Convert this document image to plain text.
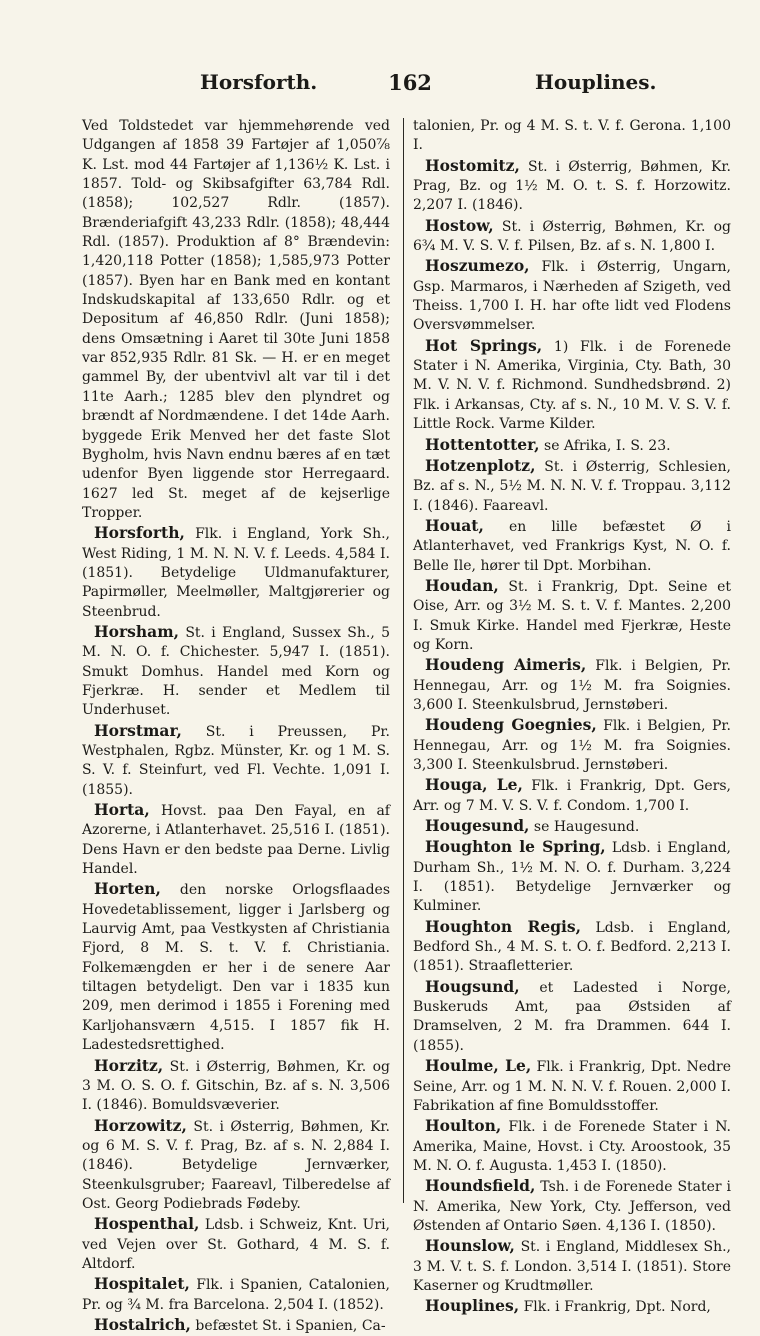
Horsforth.	162	Houplines.

Ved Toldstedet var hjemmehørende ved Udgangen af 1858 39 Fartøjer af 1,050⅞ K. Lst. mod 44 Fartøjer af 1,136½ K. Lst. i 1857. Told- og Skibsafgifter 63,784 Rdl. (1858); 102,527 Rdlr. (1857). Brænderiafgift 43,233 Rdlr. (1858); 48,444 Rdl. (1857). Produktion af 8° Brændevin: 1,420,118 Potter (1858); 1,585,973 Potter (1857). Byen har en Bank med en kontant Indskudskapital af 133,650 Rdlr. og et Depositum af 46,850 Rdlr. (Juni 1858); dens Omsætning i Aaret til 30te Juni 1858 var 852,935 Rdlr. 81 Sk. — H. er en meget gammel By, der ubentvivl alt var til i det 11te Aarh.; 1285 blev den plyndret og brændt af Nordmændene. I det 14de Aarh. byggede Erik Menved her det faste Slot Bygholm, hvis Navn endnu bæres af en tæt udenfor Byen liggende stor Herregaard. 1627 led St. meget af de kejserlige Tropper.

Horsforth, Flk. i England, York Sh., West Riding, 1 M. N. N. V. f. Leeds. 4,584 I. (1851). Betydelige Uldmanufakturer, Papirmøller, Meelmøller, Maltgjørerier og Steenbrud.

Horsham, St. i England, Sussex Sh., 5 M. N. O. f. Chichester. 5,947 I. (1851). Smukt Domhus. Handel med Korn og Fjerkræ. H. sender et Medlem til Underhuset.

Horstmar, St. i Preussen, Pr. Westphalen, Rgbz. Münster, Kr. og 1 M. S. S. V. f. Steinfurt, ved Fl. Vechte. 1,091 I. (1855).

Horta, Hovst. paa Den Fayal, en af Azorerne, i Atlanterhavet. 25,516 I. (1851). Dens Havn er den bedste paa Derne. Livlig Handel.

Horten, den norske Orlogsflaades Hovedetablissement, ligger i Jarlsberg og Laurvig Amt, paa Vestkysten af Christiania Fjord, 8 M. S. t. V. f. Christiania. Folkemængden er her i de senere Aar tiltagen betydeligt. Den var i 1835 kun 209, men derimod i 1855 i Forening med Karljohansværn 4,515. I 1857 fik H. Ladestedsrettighed.

Horzitz, St. i Østerrig, Bøhmen, Kr. og 3 M. O. S. O. f. Gitschin, Bz. af s. N. 3,506 I. (1846). Bomuldsvæverier.

Horzowitz, St. i Østerrig, Bøhmen, Kr. og 6 M. S. V. f. Prag, Bz. af s. N. 2,884 I. (1846). Betydelige Jernværker, Steenkulsgruber; Faareavl, Tilberedelse af Ost. Georg Podiebrads Fødeby.

Hospenthal, Ldsb. i Schweiz, Knt. Uri, ved Vejen over St. Gothard, 4 M. S. f. Altdorf.

Hospitalet, Flk. i Spanien, Catalonien, Pr. og ¾ M. fra Barcelona. 2,504 I. (1852).

Hostalrich, befæstet St. i Spanien, Ca-

talonien, Pr. og 4 M. S. t. V. f. Gerona. 1,100 I.

Hostomitz, St. i Østerrig, Bøhmen, Kr. Prag, Bz. og 1½ M. O. t. S. f. Horzowitz. 2,207 I. (1846).

Hostow, St. i Østerrig, Bøhmen, Kr. og 6¾ M. V. S. V. f. Pilsen, Bz. af s. N. 1,800 I.

Hoszumezo, Flk. i Østerrig, Ungarn, Gsp. Marmaros, i Nærheden af Szigeth, ved Theiss. 1,700 I. H. har ofte lidt ved Flodens Oversvømmelser.

Hot Springs, 1) Flk. i de Forenede Stater i N. Amerika, Virginia, Cty. Bath, 30 M. V. N. V. f. Richmond. Sundhedsbrønd. 2) Flk. i Arkansas, Cty. af s. N., 10 M. V. S. V. f. Little Rock. Varme Kilder.

Hottentotter, se Afrika, I. S. 23.

Hotzenplotz, St. i Østerrig, Schlesien, Bz. af s. N., 5½ M. N. N. V. f. Troppau. 3,112 I. (1846). Faareavl.

Houat, en lille befæstet Ø i Atlanterhavet, ved Frankrigs Kyst, N. O. f. Belle Ile, hører til Dpt. Morbihan.

Houdan, St. i Frankrig, Dpt. Seine et Oise, Arr. og 3½ M. S. t. V. f. Mantes. 2,200 I. Smuk Kirke. Handel med Fjerkræ, Heste og Korn.

Houdeng Aimeris, Flk. i Belgien, Pr. Hennegau, Arr. og 1½ M. fra Soignies. 3,600 I. Steenkulsbrud, Jernstøberi.

Houdeng Goegnies, Flk. i Belgien, Pr. Hennegau, Arr. og 1½ M. fra Soignies. 3,300 I. Steenkulsbrud. Jernstøberi.

Houga, Le, Flk. i Frankrig, Dpt. Gers, Arr. og 7 M. V. S. V. f. Condom. 1,700 I.

Hougesund, se Haugesund.

Houghton le Spring, Ldsb. i England, Durham Sh., 1½ M. N. O. f. Durham. 3,224 I. (1851). Betydelige Jernværker og Kulminer.

Houghton Regis, Ldsb. i England, Bedford Sh., 4 M. S. t. O. f. Bedford. 2,213 I. (1851). Straafletterier.

Hougsund, et Ladested i Norge, Buskeruds Amt, paa Østsiden af Dramselven, 2 M. fra Drammen. 644 I. (1855).

Houlme, Le, Flk. i Frankrig, Dpt. Nedre Seine, Arr. og 1 M. N. N. V. f. Rouen. 2,000 I. Fabrikation af fine Bomuldsstoffer.

Houlton, Flk. i de Forenede Stater i N. Amerika, Maine, Hovst. i Cty. Aroostook, 35 M. N. O. f. Augusta. 1,453 I. (1850).

Houndsfield, Tsh. i de Forenede Stater i N. Amerika, New York, Cty. Jefferson, ved Østenden af Ontario Søen. 4,136 I. (1850).

Hounslow, St. i England, Middlesex Sh., 3 M. V. t. S. f. London. 3,514 I. (1851). Store Kaserner og Krudtmøller.

Houplines, Flk. i Frankrig, Dpt. Nord,
